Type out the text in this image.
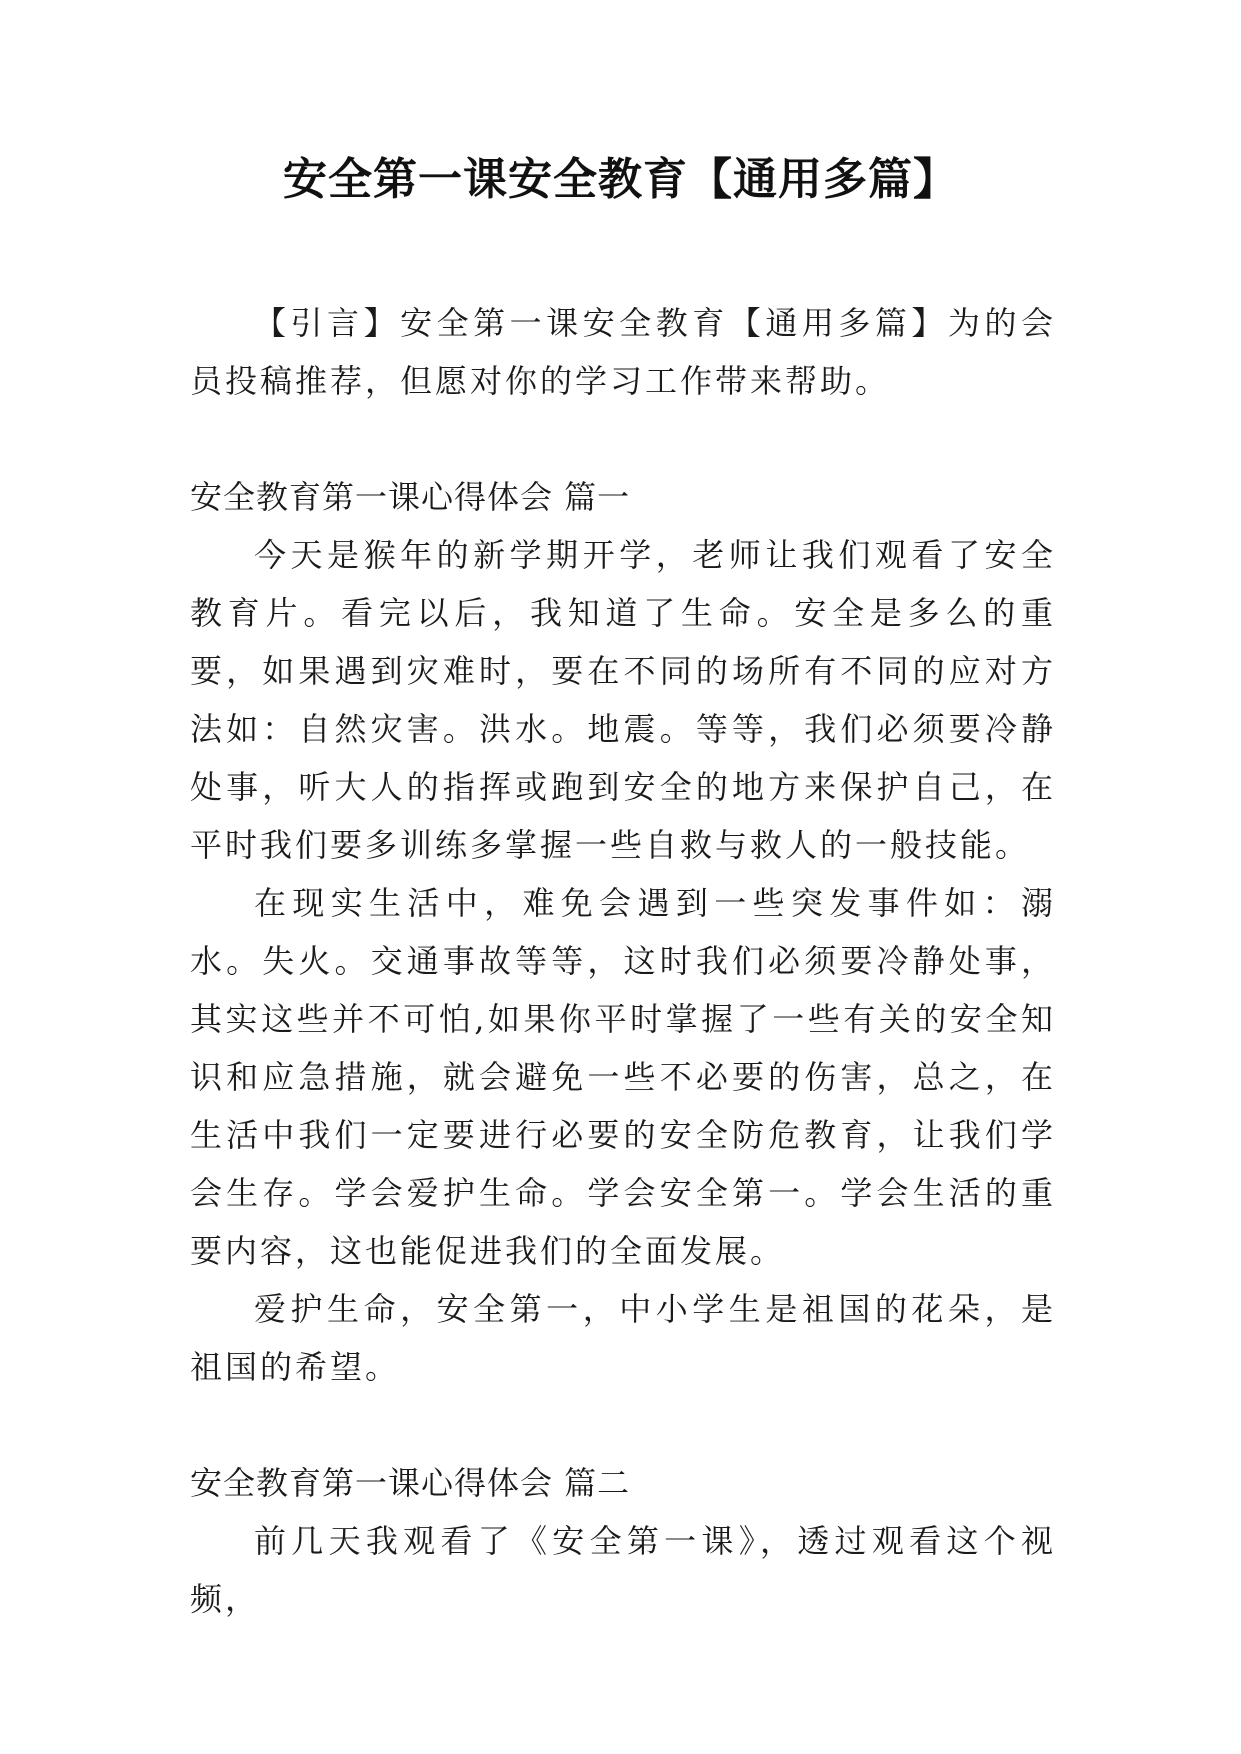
安全第一课安全教育【通用多篇】

【引言】安全第一课安全教育【通用多篇】为的会员投稿推荐，但愿对你的学习工作带来帮助。

安全教育第一课心得体会 篇一

今天是猴年的新学期开学，老师让我们观看了安全教育片。看完以后，我知道了生命。安全是多么的重要，如果遇到灾难时，要在不同的场所有不同的应对方法如：自然灾害。洪水。地震。等等，我们必须要冷静处事，听大人的指挥或跑到安全的地方来保护自己，在平时我们要多训练多掌握一些自救与救人的一般技能。

在现实生活中，难免会遇到一些突发事件如：溺水。失火。交通事故等等，这时我们必须要冷静处事，其实这些并不可怕,如果你平时掌握了一些有关的安全知识和应急措施，就会避免一些不必要的伤害，总之，在生活中我们一定要进行必要的安全防危教育，让我们学会生存。学会爱护生命。学会安全第一。学会生活的重要内容，这也能促进我们的全面发展。

爱护生命，安全第一，中小学生是祖国的花朵，是祖国的希望。

安全教育第一课心得体会 篇二

前几天我观看了《安全第一课》，透过观看这个视频，
